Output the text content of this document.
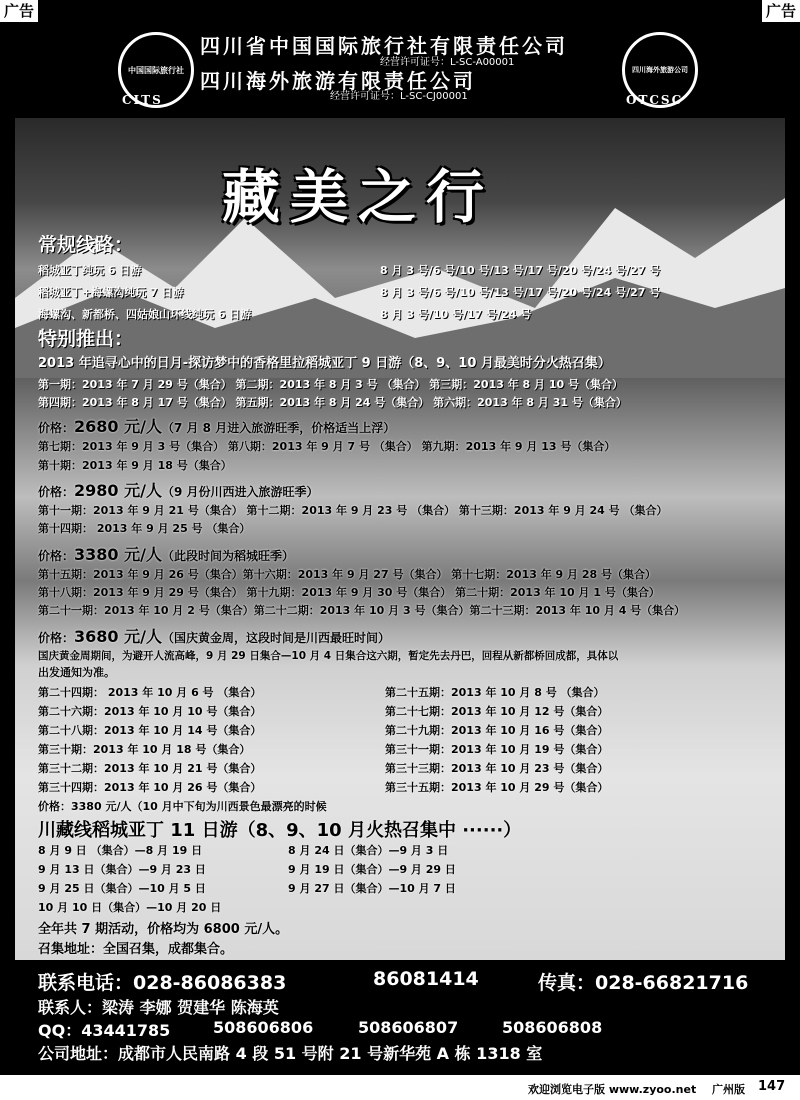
广告	广告
中国国际旅行社
CITS
四川海外旅游公司
OTCSC
四川省中国国际旅行社有限责任公司
经营许可证号：L-SC-A00001
四川海外旅游有限责任公司
经营许可证号：L-SC-CJ00001
藏美之行
常规线路：
稻城亚丁纯玩 6 日游	8 月 3 号/6 号/10 号/13 号/17 号/20 号/24 号/27 号
稻城亚丁+海螺沟纯玩 7 日游	8 月 3 号/6 号/10 号/13 号/17 号/20 号/24 号/27 号
海螺沟、新都桥、四姑娘山环线纯玩 6 日游	8 月 3 号/10 号/17 号/24 号
特别推出：
2013 年追寻心中的日月-探访梦中的香格里拉稻城亚丁 9 日游（8、9、10 月最美时分火热召集）
第一期：2013 年 7 月 29 号（集合） 第二期：2013 年 8 月 3 号 （集合） 第三期：2013 年 8 月 10 号（集合）
第四期：2013 年 8 月 17 号（集合） 第五期：2013 年 8 月 24 号（集合） 第六期：2013 年 8 月 31 号（集合）
价格：2680 元/人（7 月 8 月进入旅游旺季，价格适当上浮）
第七期：2013 年 9 月 3 号（集合） 第八期：2013 年 9 月 7 号 （集合） 第九期：2013 年 9 月 13 号（集合）
第十期：2013 年 9 月 18 号（集合）
价格：2980 元/人（9 月份川西进入旅游旺季）
第十一期：2013 年 9 月 21 号（集合） 第十二期：2013 年 9 月 23 号 （集合） 第十三期：2013 年 9 月 24 号 （集合）
第十四期： 2013 年 9 月 25 号 （集合）
价格：3380 元/人（此段时间为稻城旺季）
第十五期：2013 年 9 月 26 号（集合）第十六期：2013 年 9 月 27 号（集合） 第十七期：2013 年 9 月 28 号（集合）
第十八期：2013 年 9 月 29 号（集合） 第十九期：2013 年 9 月 30 号（集合） 第二十期：2013 年 10 月 1 号（集合）
第二十一期：2013 年 10 月 2 号（集合）第二十二期：2013 年 10 月 3 号（集合）第二十三期：2013 年 10 月 4 号（集合）
价格：3680 元/人（国庆黄金周，这段时间是川西最旺时间）
国庆黄金周期间，为避开人流高峰，9 月 29 日集合—10 月 4 日集合这六期，暂定先去丹巴，回程从新都桥回成都，具体以
出发通知为准。
第二十四期： 2013 年 10 月 6 号 （集合）	第二十五期：2013 年 10 月 8 号 （集合）
第二十六期：2013 年 10 月 10 号（集合）	第二十七期：2013 年 10 月 12 号（集合）
第二十八期：2013 年 10 月 14 号（集合）	第二十九期：2013 年 10 月 16 号（集合）
第三十期：2013 年 10 月 18 号（集合）	第三十一期：2013 年 10 月 19 号（集合）
第三十二期：2013 年 10 月 21 号（集合）	第三十三期：2013 年 10 月 23 号（集合）
第三十四期：2013 年 10 月 26 号（集合）	第三十五期：2013 年 10 月 29 号（集合）
价格：3380 元/人（10 月中下旬为川西景色最漂亮的时候
川藏线稻城亚丁 11 日游（8、9、10 月火热召集中 ······）
8 月 9 日 （集合）—8 月 19 日	8 月 24 日（集合）—9 月 3 日
9 月 13 日（集合）—9 月 23 日	9 月 19 日（集合）—9 月 29 日
9 月 25 日（集合）—10 月 5 日	9 月 27 日（集合）—10 月 7 日
10 月 10 日（集合）—10 月 20 日
全年共 7 期活动，价格均为 6800 元/人。
召集地址：全国召集，成都集合。
联系电话：028-86086383	86081414	传真：028-66821716
联系人：梁涛 李娜 贺建华 陈海英
QQ：43441785	508606806	508606807	508606808
公司地址：成都市人民南路 4 段 51 号附 21 号新华苑 A 栋 1318 室
欢迎浏览电子版 www.zyoo.net 广州版 147
